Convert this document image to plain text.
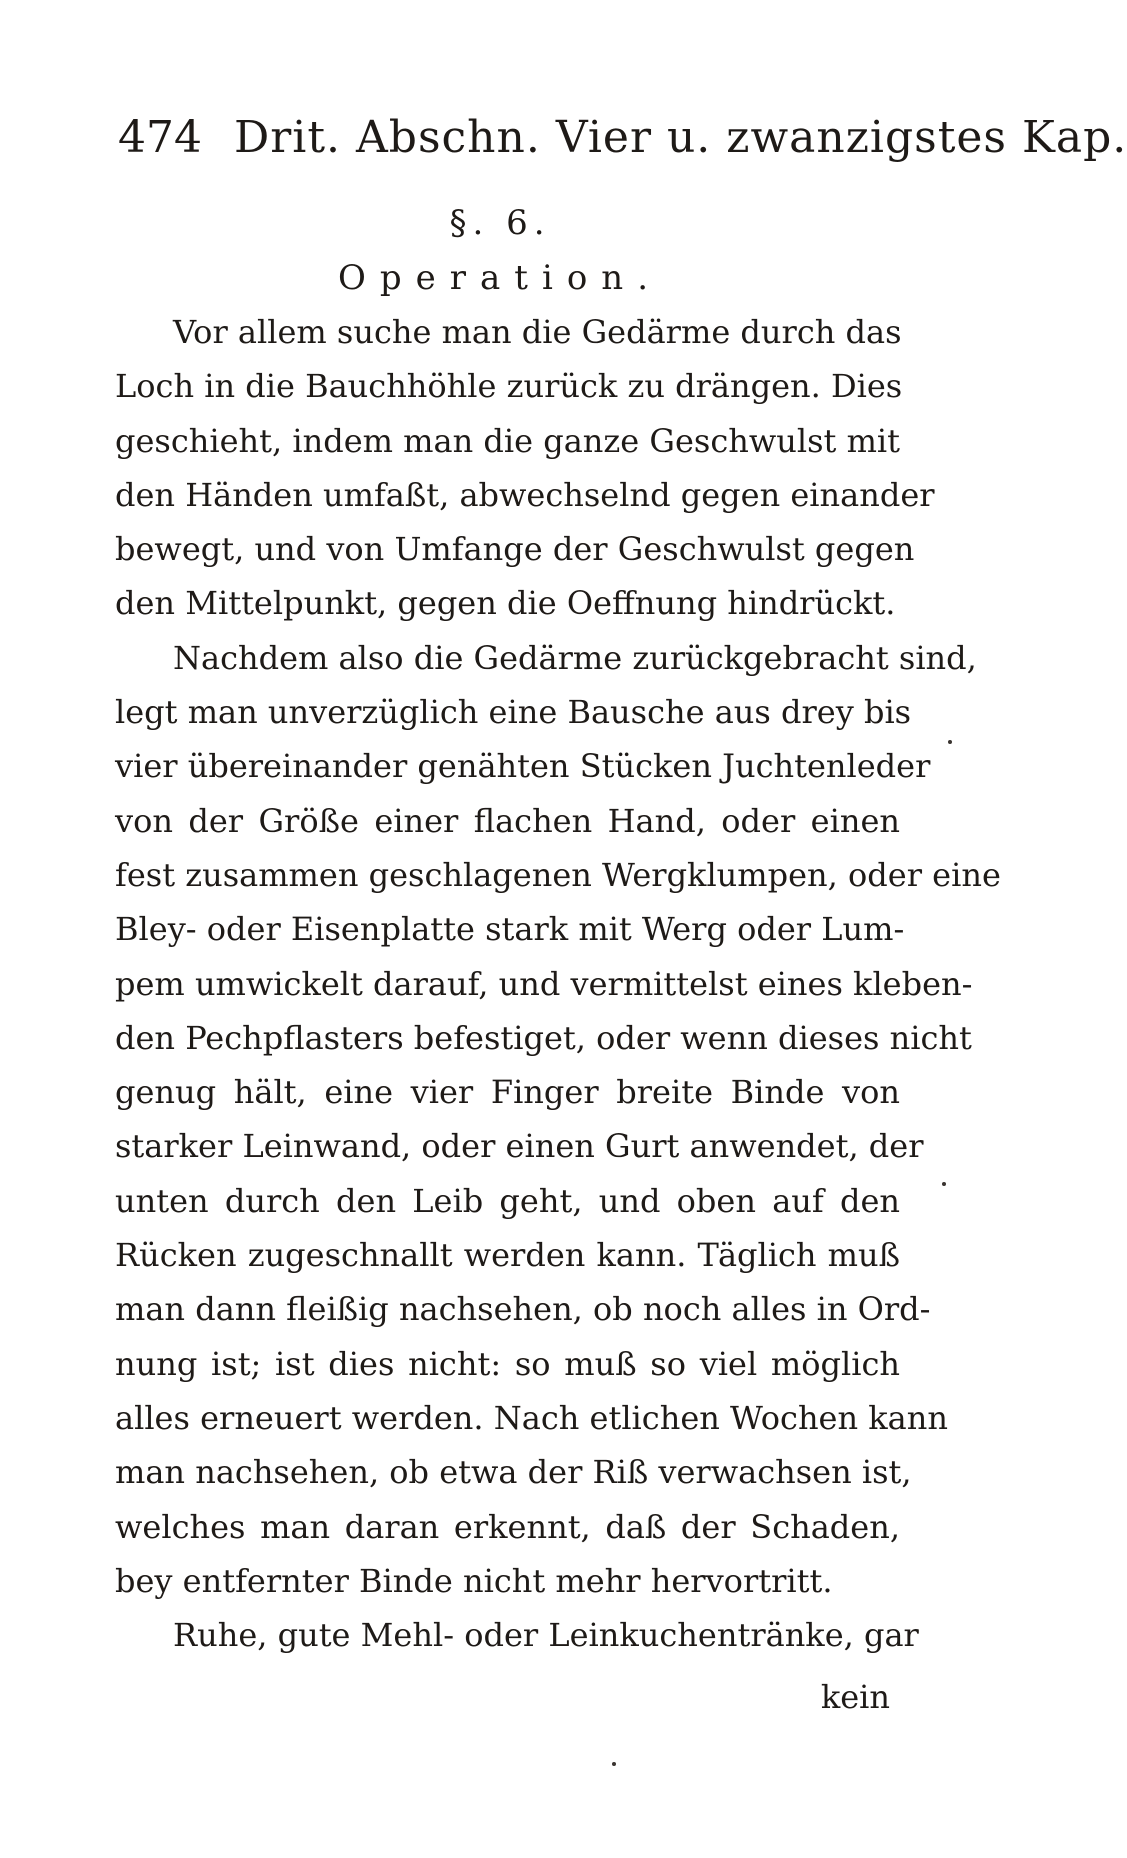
474 Drit. Abschn. Vier u. zwanzigstes Kap.
§. 6.
Operation.
Vor allem suche man die Gedärme durch das
Loch in die Bauchhöhle zurück zu drängen. Dies
geschieht, indem man die ganze Geschwulst mit
den Händen umfaßt, abwechselnd gegen einander
bewegt, und von Umfange der Geschwulst gegen
den Mittelpunkt, gegen die Oeffnung hindrückt.
Nachdem also die Gedärme zurückgebracht sind,
legt man unverzüglich eine Bausche aus drey bis
vier übereinander genähten Stücken Juchtenleder
von der Größe einer flachen Hand, oder einen
fest zusammen geschlagenen Wergklumpen, oder eine
Bley- oder Eisenplatte stark mit Werg oder Lum-
pem umwickelt darauf, und vermittelst eines kleben-
den Pechpflasters befestiget, oder wenn dieses nicht
genug hält, eine vier Finger breite Binde von
starker Leinwand, oder einen Gurt anwendet, der
unten durch den Leib geht, und oben auf den
Rücken zugeschnallt werden kann. Täglich muß
man dann fleißig nachsehen, ob noch alles in Ord-
nung ist; ist dies nicht: so muß so viel möglich
alles erneuert werden. Nach etlichen Wochen kann
man nachsehen, ob etwa der Riß verwachsen ist,
welches man daran erkennt, daß der Schaden,
bey entfernter Binde nicht mehr hervortritt.
Ruhe, gute Mehl- oder Leinkuchentränke, gar
kein
